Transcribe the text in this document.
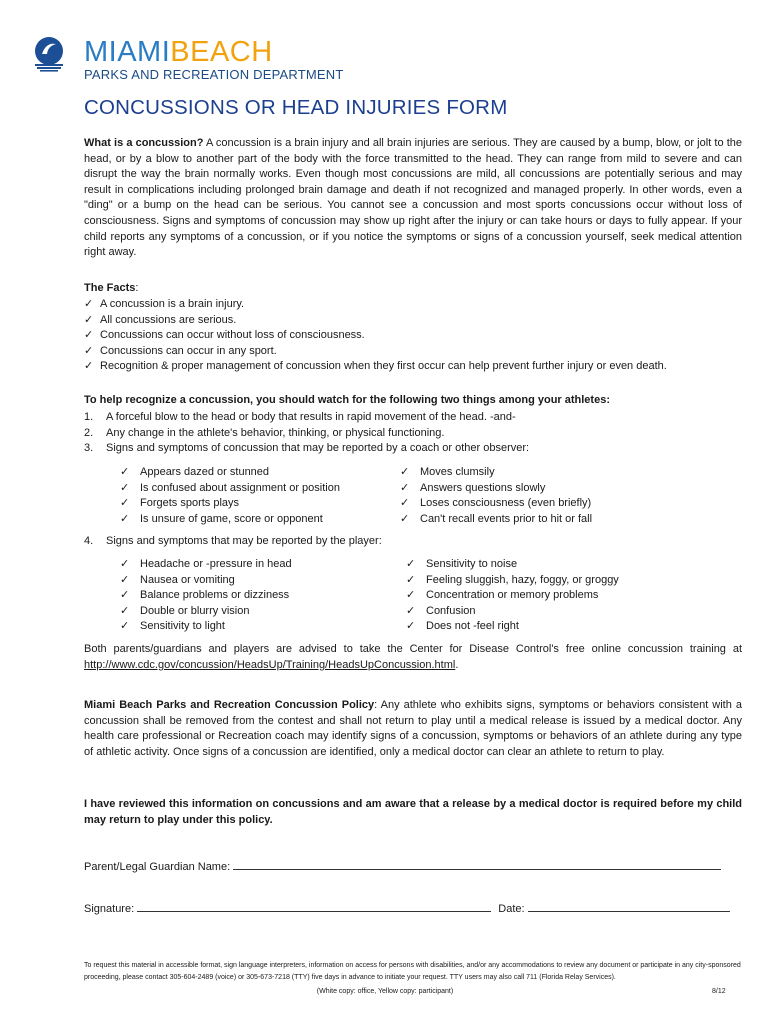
MIAMIBEACH
PARKS AND RECREATION DEPARTMENT
CONCUSSIONS OR HEAD INJURIES FORM
What is a concussion? A concussion is a brain injury and all brain injuries are serious. They are caused by a bump, blow, or jolt to the head, or by a blow to another part of the body with the force transmitted to the head. They can range from mild to severe and can disrupt the way the brain normally works. Even though most concussions are mild, all concussions are potentially serious and may result in complications including prolonged brain damage and death if not recognized and managed properly. In other words, even a "ding" or a bump on the head can be serious. You cannot see a concussion and most sports concussions occur without loss of consciousness. Signs and symptoms of concussion may show up right after the injury or can take hours or days to fully appear. If your child reports any symptoms of a concussion, or if you notice the symptoms or signs of a concussion yourself, seek medical attention right away.
The Facts:
✓ A concussion is a brain injury.
✓ All concussions are serious.
✓ Concussions can occur without loss of consciousness.
✓ Concussions can occur in any sport.
✓ Recognition & proper management of concussion when they first occur can help prevent further injury or even death.
To help recognize a concussion, you should watch for the following two things among your athletes:
1. A forceful blow to the head or body that results in rapid movement of the head. -and-
2. Any change in the athlete's behavior, thinking, or physical functioning.
3. Signs and symptoms of concussion that may be reported by a coach or other observer:
✓ Appears dazed or stunned
✓ Is confused about assignment or position
✓ Forgets sports plays
✓ Is unsure of game, score or opponent
✓ Moves clumsily
✓ Answers questions slowly
✓ Loses consciousness (even briefly)
✓ Can't recall events prior to hit or fall
4. Signs and symptoms that may be reported by the player:
✓ Headache or -pressure in head
✓ Nausea or vomiting
✓ Balance problems or dizziness
✓ Double or blurry vision
✓ Sensitivity to light
✓ Sensitivity to noise
✓ Feeling sluggish, hazy, foggy, or groggy
✓ Concentration or memory problems
✓ Confusion
✓ Does not -feel right
Both parents/guardians and players are advised to take the Center for Disease Control's free online concussion training at http://www.cdc.gov/concussion/HeadsUp/Training/HeadsUpConcussion.html.
Miami Beach Parks and Recreation Concussion Policy: Any athlete who exhibits signs, symptoms or behaviors consistent with a concussion shall be removed from the contest and shall not return to play until a medical release is issued by a medical doctor. Any health care professional or Recreation coach may identify signs of a concussion, symptoms or behaviors of an athlete during any type of athletic activity. Once signs of a concussion are identified, only a medical doctor can clear an athlete to return to play.
I have reviewed this information on concussions and am aware that a release by a medical doctor is required before my child may return to play under this policy.
Parent/Legal Guardian Name:
Signature:	Date:
To request this material in accessible format, sign language interpreters, information on access for persons with disabilities, and/or any accommodations to review any document or participate in any city-sponsored proceeding, please contact 305-604-2489 (voice) or 305-673-7218 (TTY) five days in advance to initiate your request. TTY users may also call 711 (Florida Relay Services).
(White copy: office, Yellow copy: participant)	8/12
